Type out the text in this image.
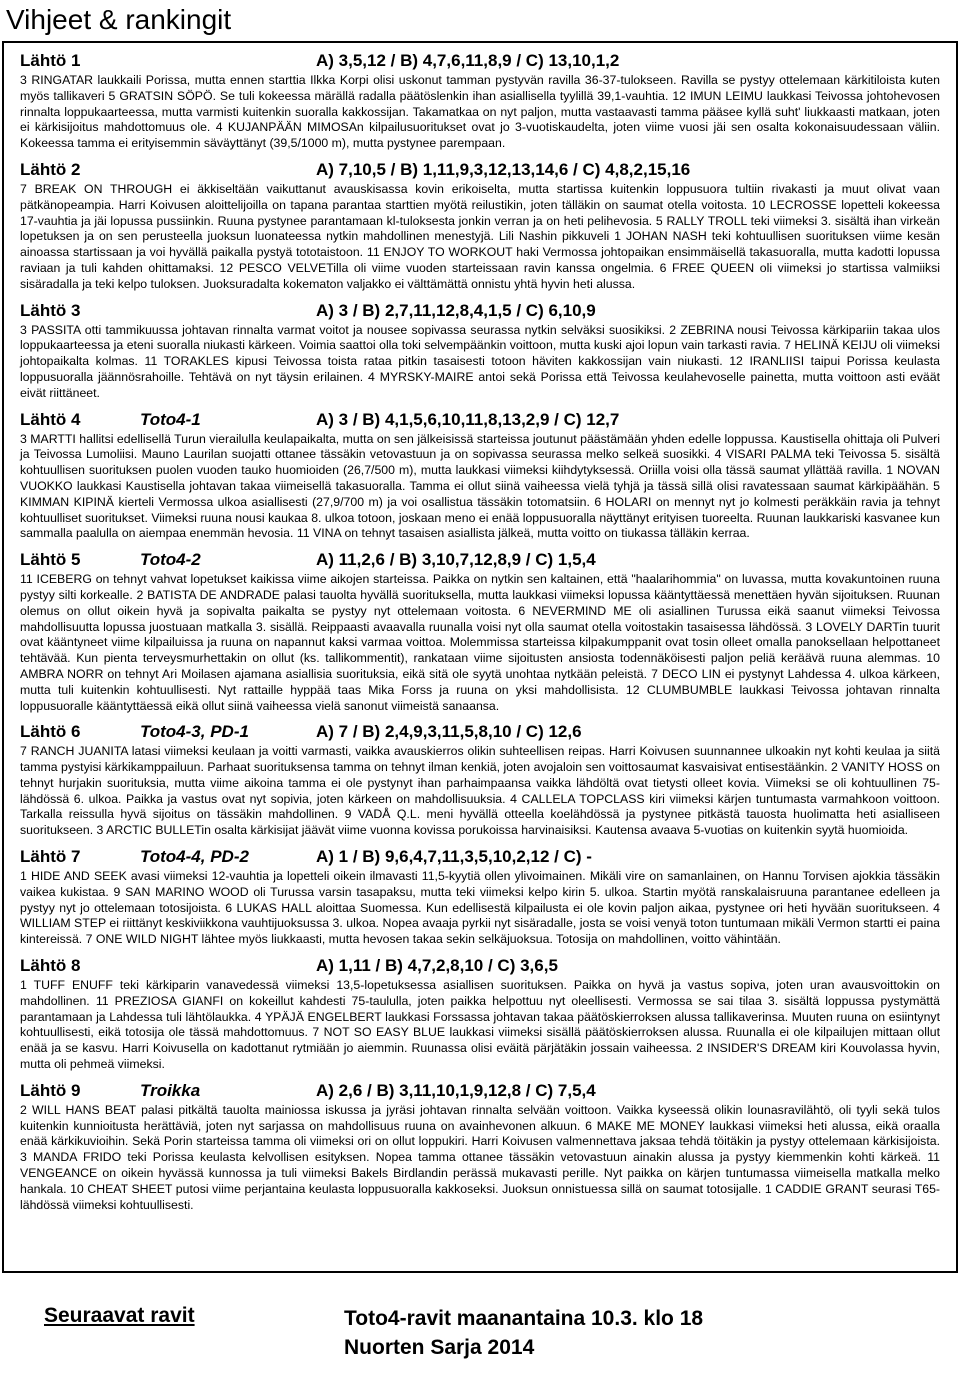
Vihjeet & rankingit
Lähtö 1	A) 3,5,12 / B) 4,7,6,11,8,9 / C) 13,10,1,2

3 RINGATAR laukkaili Porissa, mutta ennen starttia Ilkka Korpi olisi uskonut tamman pystyvän ravilla 36-37-tulokseen. Ravilla se pystyy ottelemaan kärkitiloista kuten myös tallikaveri 5 GRATSIN SÖPÖ. Se tuli kokeessa märällä radalla päätöslenkin ihan asiallisella tyylillä 39,1-vauhtia. 12 IMUN LEIMU laukkasi Teivossa johtohevosen rinnalta loppukaarteessa, mutta varmisti kuitenkin suoralla kakkossijan. Takamatkaa on nyt paljon, mutta vastaavasti tamma pääsee kyllä suht' liukkaasti matkaan, joten ei kärkisijoitus mahdottomuus ole. 4 KUJANPÄÄN MIMOSAn kilpailusuoritukset ovat jo 3-vuotiskaudelta, joten viime vuosi jäi sen osalta kokonaisuudessaan väliin. Kokeessa tamma ei erityisemmin säväyttänyt (39,5/1000 m), mutta pystynee parempaan.

Lähtö 2	A) 7,10,5 / B) 1,11,9,3,12,13,14,6 / C) 4,8,2,15,16

7 BREAK ON THROUGH ei äkkiseltään vaikuttanut avauskisassa kovin erikoiselta, mutta startissa kuitenkin loppusuora tultiin rivakasti ja muut olivat vaan pätkänopeampia. Harri Koivusen aloittelijoilla on tapana parantaa starttien myötä reilustikin, joten tälläkin on saumat otella voitosta. 10 LECROSSE lopetteli kokeessa 17-vauhtia ja jäi lopussa pussiinkin. Ruuna pystynee parantamaan kl-tuloksesta jonkin verran ja on heti pelihevosia. 5 RALLY TROLL teki viimeksi 3. sisältä ihan virkeän lopetuksen ja on sen perusteella juoksun luonateessa nytkin mahdollinen menestyjä. Lili Nashin pikkuveli 1 JOHAN NASH teki kohtuullisen suorituksen viime kesän ainoassa startissaan ja voi hyvällä paikalla pystyä tototaistoon. 11 ENJOY TO WORKOUT haki Vermossa johtopaikan ensimmäisellä takasuoralla, mutta kadotti lopussa raviaan ja tuli kahden ohittamaksi. 12 PESCO VELVETilla oli viime vuoden starteissaan ravin kanssa ongelmia. 6 FREE QUEEN oli viimeksi jo startissa valmiiksi sisäradalla ja teki kelpo tuloksen. Juoksuradalta kokematon valjakko ei välttämättä onnistu yhtä hyvin heti alussa.

Lähtö 3	A) 3 / B) 2,7,11,12,8,4,1,5 / C) 6,10,9

3 PASSITA otti tammikuussa johtavan rinnalta varmat voitot ja nousee sopivassa seurassa nytkin selväksi suosikiksi. 2 ZEBRINA nousi Teivossa kärkipariin takaa ulos loppukaarteessa ja eteni suoralla niukasti kärkeen. Voimia saattoi olla toki selvempäänkin voittoon, mutta kuski ajoi lopun vain tarkasti ravia. 7 HELINÄ KEIJU oli viimeksi johtopaikalta kolmas. 11 TORAKLES kipusi Teivossa toista rataa pitkin tasaisesti totoon häviten kakkossijan vain niukasti. 12 IRANLIISI taipui Porissa keulasta loppusuoralla jäännösrahoille. Tehtävä on nyt täysin erilainen. 4 MYRSKY-MAIRE antoi sekä Porissa että Teivossa keulahevoselle painetta, mutta voittoon asti eväät eivät riittäneet.

Lähtö 4	Toto4-1	A) 3 / B) 4,1,5,6,10,11,8,13,2,9 / C) 12,7

3 MARTTI hallitsi edellisellä Turun vierailulla keulapaikalta, mutta on sen jälkeisissä starteissa joutunut päästämään yhden edelle loppussa. Kaustisella ohittaja oli Pulveri ja Teivossa Lumoliisi. Mauno Laurilan suojatti ottanee tässäkin vetovastuun ja on sopivassa seurassa melko selkeä suosikki. 4 VISARI PALMA teki Teivossa 5. sisältä kohtuullisen suorituksen puolen vuoden tauko huomioiden (26,7/500 m), mutta laukkasi viimeksi kiihdytyksessä. Oriilla voisi olla tässä saumat yllättää ravilla. 1 NOVAN VUOKKO laukkasi Kaustisella johtavan takaa viimeisellä takasuoralla. Tamma ei ollut siinä vaiheessa vielä tyhjä ja tässä sillä olisi ravatessaan saumat kärkipäähän. 5 KIMMAN KIPINÄ kierteli Vermossa ulkoa asiallisesti (27,9/700 m) ja voi osallistua tässäkin totomatsiin. 6 HOLARI on mennyt nyt jo kolmesti peräkkäin ravia ja tehnyt kohtuulliset suoritukset. Viimeksi ruuna nousi kaukaa 8. ulkoa totoon, joskaan meno ei enää loppusuoralla näyttänyt erityisen tuoreelta. Ruunan laukkariski kasvanee kun sammalla paalulla on aiempaa enemmän hevosia. 11 VINA on tehnyt tasaisen asiallista jälkeä, mutta voitto on tiukassa tälläkin kerraa.

Lähtö 5	Toto4-2	A) 11,2,6 / B) 3,10,7,12,8,9 / C) 1,5,4

11 ICEBERG on tehnyt vahvat lopetukset kaikissa viime aikojen starteissa. Paikka on nytkin sen kaltainen, että "haalarihommia" on luvassa, mutta kovakuntoinen ruuna pystyy silti korkealle. 2 BATISTA DE ANDRADE palasi tauolta hyvällä suorituksella, mutta laukkasi viimeksi lopussa kääntyttäessä menettäen hyvän sijoituksen. Ruunan olemus on ollut oikein hyvä ja sopivalta paikalta se pystyy nyt ottelemaan voitosta. 6 NEVERMIND ME oli asiallinen Turussa eikä saanut viimeksi Teivossa mahdollisuutta lopussa juostuaan matkalla 3. sisällä. Reippaasti avaavalla ruunalla voisi nyt olla saumat otella voitostakin tasaisessa lähdössä. 3 LOVELY DARTin tuurit ovat kääntyneet viime kilpailuissa ja ruuna on napannut kaksi varmaa voittoa. Molemmissa starteissa kilpakumppanit ovat tosin olleet omalla panoksellaan helpottaneet tehtävää. Kun pienta terveysmurhettakin on ollut (ks. tallikommentit), rankataan viime sijoitusten ansiosta todennäköisesti paljon peliä keräävä ruuna alemmas. 10 AMBRA NORR on tehnyt Ari Moilasen ajamana asiallisia suorituksia, eikä sitä ole syytä unohtaa nytkään peleistä. 7 DECO LIN ei pystynyt Lahdessa 4. ulkoa kärkeen, mutta tuli kuitenkin kohtuullisesti. Nyt rattaille hyppää taas Mika Forss ja ruuna on yksi mahdollisista. 12 CLUMBUMBLE laukkasi Teivossa johtavan rinnalta loppusuoralle kääntyttäessä eikä ollut siinä vaiheessa vielä sanonut viimeistä sanaansa.

Lähtö 6	Toto4-3, PD-1	A) 7 / B) 2,4,9,3,11,5,8,10 / C) 12,6

7 RANCH JUANITA latasi viimeksi keulaan ja voitti varmasti, vaikka avauskierros olikin suhteellisen reipas. Harri Koivusen suunnannee ulkoakin nyt kohti keulaa ja siitä tamma pystyisi kärkikamppailuun. Parhaat suorituksensa tamma on tehnyt ilman kenkiä, joten avojaloin sen voittosaumat kasvaisivat entisestäänkin. 2 VANITY HOSS on tehnyt hurjakin suorituksia, mutta viime aikoina tamma ei ole pystynyt ihan parhaimpaansa vaikka lähdöltä ovat tietysti olleet kovia. Viimeksi se oli kohtuullinen 75-lähdössä 6. ulkoa. Paikka ja vastus ovat nyt sopivia, joten kärkeen on mahdollisuuksia. 4 CALLELA TOPCLASS kiri viimeksi kärjen tuntumasta varmahkoon voittoon. Tarkalla reissulla hyvä sijoitus on tässäkin mahdollinen. 9 VADÅ Q.L. meni hyvällä otteella koelähdössä ja pystynee pitkästä tauosta huolimatta heti asialliseen suoritukseen. 3 ARCTIC BULLETin osalta kärkisijat jäävät viime vuonna kovissa porukoissa harvinaisiksi. Kautensa avaava 5-vuotias on kuitenkin syytä huomioida.

Lähtö 7	Toto4-4, PD-2	A) 1 / B) 9,6,4,7,11,3,5,10,2,12 / C) -

1 HIDE AND SEEK avasi viimeksi 12-vauhtia ja lopetteli oikein ilmavasti 11,5-kyytiä ollen ylivoimainen. Mikäli vire on samanlainen, on Hannu Torvisen ajokkia tässäkin vaikea kukistaa. 9 SAN MARINO WOOD oli Turussa varsin tasapaksu, mutta teki viimeksi kelpo kirin 5. ulkoa. Startin myötä ranskalaisruuna parantanee edelleen ja pystyy nyt jo ottelemaan totosijoista. 6 LUKAS HALL aloittaa Suomessa. Kun edellisestä kilpailusta ei ole kovin paljon aikaa, pystynee ori heti hyvään suoritukseen. 4 WILLIAM STEP ei riittänyt keskiviikkona vauhtijuoksussa 3. ulkoa. Nopea avaaja pyrkii nyt sisäradalle, josta se voisi venyä toton tuntumaan mikäli Vermon startti ei paina kintereissä. 7 ONE WILD NIGHT lähtee myös liukkaasti, mutta hevosen takaa sekin selkäjuoksua. Totosija on mahdollinen, voitto vähintään.

Lähtö 8	A) 1,11 / B) 4,7,2,8,10 / C) 3,6,5

1 TUFF ENUFF teki kärkiparin vanavedessä viimeksi 13,5-lopetuksessa asiallisen suorituksen. Paikka on hyvä ja vastus sopiva, joten uran avausvoittokin on mahdollinen. 11 PREZIOSA GIANFI on kokeillut kahdesti 75-taululla, joten paikka helpottuu nyt oleellisesti. Vermossa se sai tilaa 3. sisältä loppussa pystymättä parantamaan ja Lahdessa tuli lähtölaukka. 4 YPÄJÄ ENGELBERT laukkasi Forssassa johtavan takaa päätöskierroksen alussa tallikaverinsa. Muuten ruuna on esiintynyt kohtuullisesti, eikä totosija ole tässä mahdottomuus. 7 NOT SO EASY BLUE laukkasi viimeksi sisällä päätöskierroksen alussa. Ruunalla ei ole kilpailujen mittaan ollut enää ja se kasvu. Harri Koivusella on kadottanut rytmiään jo aiemmin. Ruunassa olisi eväitä pärjätäkin jossain vaiheessa. 2 INSIDER'S DREAM kiri Kouvolassa hyvin, mutta oli pehmeä viimeksi.

Lähtö 9	Troikka	A) 2,6 / B) 3,11,10,1,9,12,8 / C) 7,5,4

2 WILL HANS BEAT palasi pitkältä tauolta mainiossa iskussa ja jyräsi johtavan rinnalta selvään voittoon. Vaikka kyseessä olikin lounasravilähtö, oli tyyli sekä tulos kuitenkin kunnioitusta herättäviä, joten nyt sarjassa on mahdollisuus ruuna on avainhevonen alkuun. 6 MAKE ME MONEY laukkasi viimeksi heti alussa, eikä oraalla enää kärkikuvioihin. Sekä Porin starteissa tamma oli viimeksi ori on ollut loppukiri. Harri Koivusen valmennettava jaksaa tehdä töitäkin ja pystyy ottelemaan kärkisijoista. 3 MANDA FRIDO teki Porissa keulasta kelvollisen esityksen. Nopea tamma ottanee tässäkin vetovastuun ainakin alussa ja pystyy kiemmenkin kohti kärkeä. 11 VENGEANCE on oikein hyvässä kunnossa ja tuli viimeksi Bakels Birdlandin perässä mukavasti perille. Nyt paikka on kärjen tuntumassa viimeisella matkalla melko hankala. 10 CHEAT SHEET putosi viime perjantaina keulasta loppusuoralla kakkoseksi. Juoksun onnistuessa sillä on saumat totosijalle. 1 CADDIE GRANT seurasi T65-lähdössä viimeksi kohtuullisesti.

Seuraavat ravit	Toto4-ravit maanantaina 10.3. klo 18
Nuorten Sarja 2014
